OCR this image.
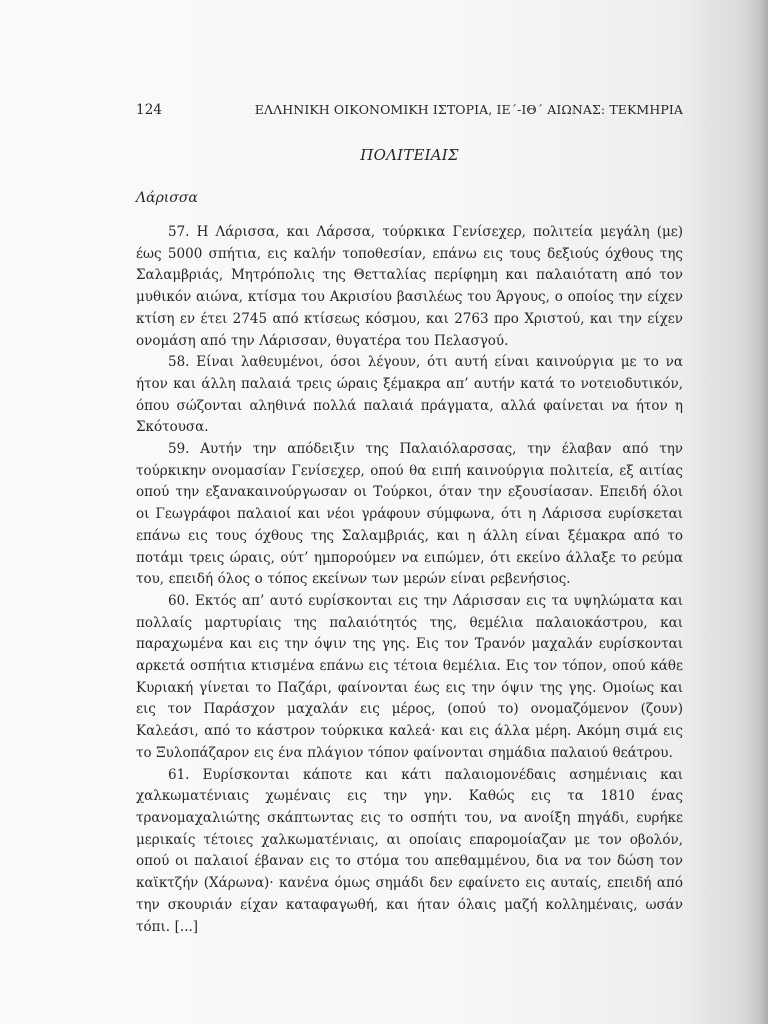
124	ΕΛΛΗΝΙΚΗ ΟΙΚΟΝΟΜΙΚΗ ΙΣΤΟΡΙΑ, ΙΕ΄-ΙΘ΄ ΑΙΩΝΑΣ: ΤΕΚΜΗΡΙΑ
ΠΟΛΙΤΕΙΑΙΣ
Λάρισσα

57. Η Λάρισσα, και Λάρσσα, τούρκικα Γενίσεχερ, πολιτεία μεγάλη (με) έως 5000 σπήτια, εις καλήν τοποθεσίαν, επάνω εις τους δεξιούς όχθους της Σαλαμβριάς, Μητρόπολις της Θετταλίας περίφημη και παλαιότατη από τον μυθικόν αιώνα, κτίσμα του Ακρισίου βασιλέως του Άργους, ο οποίος την είχεν κτίση εν έτει 2745 από κτίσεως κόσμου, και 2763 προ Χριστού, και την είχεν ονομάση από την Λάρισσαν, θυγατέρα του Πελασγού.

58. Είναι λαθευμένοι, όσοι λέγουν, ότι αυτή είναι καινούργια με το να ήτον και άλλη παλαιά τρεις ώραις ξέμακρα απ’ αυτήν κατά το νοτειοδυτικόν, όπου σώζονται αληθινά πολλά παλαιά πράγματα, αλλά φαίνεται να ήτον η Σκότουσα.

59. Αυτήν την απόδειξιν της Παλαιόλαρσσας, την έλαβαν από την τούρκικην ονομασίαν Γενίσεχερ, οπού θα ειπή καινούργια πολιτεία, εξ αιτίας οπού την εξανακαινούργωσαν οι Τούρκοι, όταν την εξουσίασαν. Επειδή όλοι οι Γεωγράφοι παλαιοί και νέοι γράφουν σύμφωνα, ότι η Λάρισσα ευρίσκεται επάνω εις τους όχθους της Σαλαμβριάς, και η άλλη είναι ξέμακρα από το ποτάμι τρεις ώραις, ούτ’ ημπορούμεν να ειπώμεν, ότι εκείνο άλλαξε το ρεύμα του, επειδή όλος ο τόπος εκείνων των μερών είναι ρεβενήσιος.

60. Εκτός απ’ αυτό ευρίσκονται εις την Λάρισσαν εις τα υψηλώματα και πολλαίς μαρτυρίαις της παλαιότητός της, θεμέλια παλαιοκάστρου, και παραχωμένα και εις την όψιν της γης. Εις τον Τρανόν μαχαλάν ευρίσκονται αρκετά οσπήτια κτισμένα επάνω εις τέτοια θεμέλια. Εις τον τόπον, οπού κάθε Κυριακή γίνεται το Παζάρι, φαίνονται έως εις την όψιν της γης. Ομοίως και εις τον Παράσχον μαχαλάν εις μέρος, (οπού το) ονομαζόμενον (ζουν) Καλεάσι, από το κάστρον τούρκικα καλεά· και εις άλλα μέρη. Ακόμη σιμά εις το Ξυλοπάζαρον εις ένα πλάγιον τόπον φαίνονται σημάδια παλαιού θεάτρου.

61. Ευρίσκονται κάποτε και κάτι παλαιομονέδαις ασημένιαις και χαλκωματένιαις χωμέναις εις την γην. Καθώς εις τα 1810 ένας τρανομαχαλιώτης σκάπτωντας εις το οσπήτι του, να ανοίξη πηγάδι, ευρήκε μερικαίς τέτοιες χαλκωματένιαις, αι οποίαις επαρομοίαζαν με τον οβολόν, οπού οι παλαιοί έβαναν εις το στόμα του απεθαμμένου, δια να τον δώση τον καϊκτζήν (Χάρωνα)· κανένα όμως σημάδι δεν εφαίνετο εις αυταίς, επειδή από την σκουριάν είχαν καταφαγωθή, και ήταν όλαις μαζή κολλημέναις, ωσάν τόπι. [...]
